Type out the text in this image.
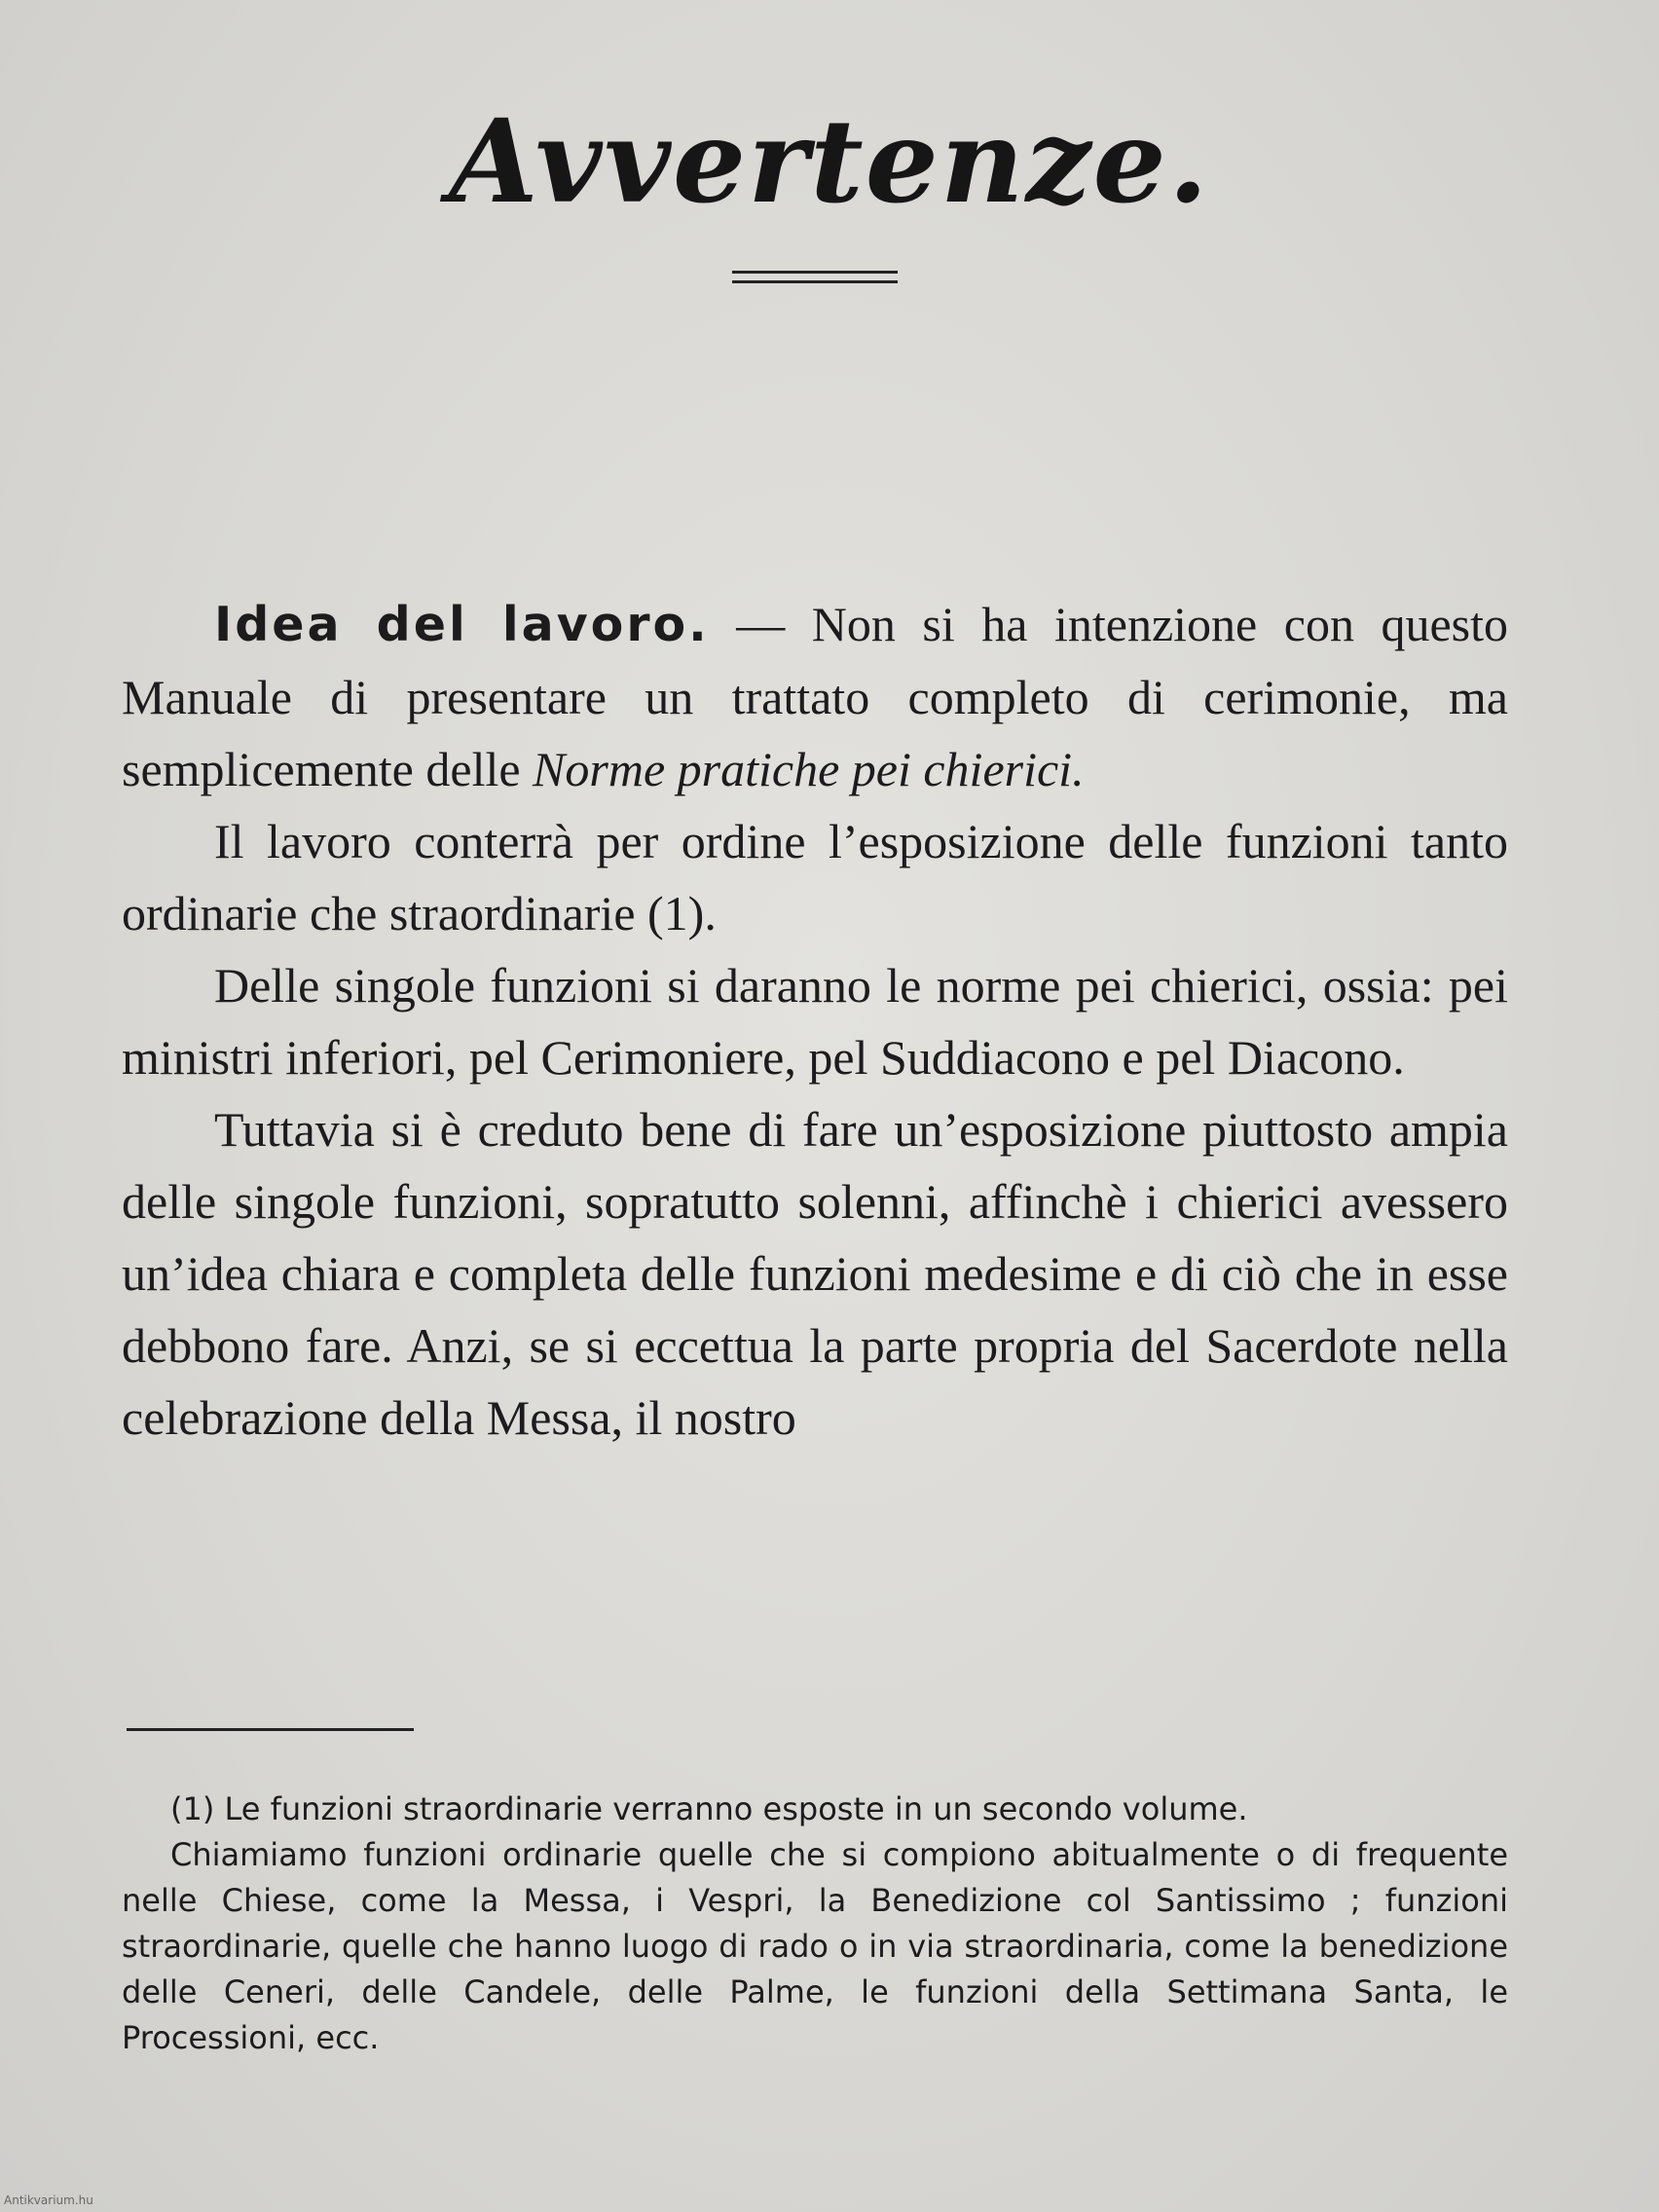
Avvertenze.

Idea del lavoro. — Non si ha intenzione con questo Manuale di presentare un trattato completo di cerimonie, ma semplicemente delle Norme pratiche pei chierici.

Il lavoro conterrà per ordine l’esposizione delle funzioni tanto ordinarie che straordinarie (1).

Delle singole funzioni si daranno le norme pei chierici, ossia: pei ministri inferiori, pel Cerimoniere, pel Suddiacono e pel Diacono.

Tuttavia si è creduto bene di fare un’esposizione piuttosto ampia delle singole funzioni, sopratutto solenni, affinchè i chierici avessero un’idea chiara e completa delle funzioni medesime e di ciò che in esse debbono fare. Anzi, se si eccettua la parte propria del Sacerdote nella celebrazione della Messa, il nostro

(1) Le funzioni straordinarie verranno esposte in un secondo volume.

Chiamiamo funzioni ordinarie quelle che si compiono abitualmente o di frequente nelle Chiese, come la Messa, i Vespri, la Benedizione col Santissimo ; funzioni straordinarie, quelle che hanno luogo di rado o in via straordinaria, come la benedizione delle Ceneri, delle Candele, delle Palme, le funzioni della Settimana Santa, le Processioni, ecc.

Antikvarium.hu
